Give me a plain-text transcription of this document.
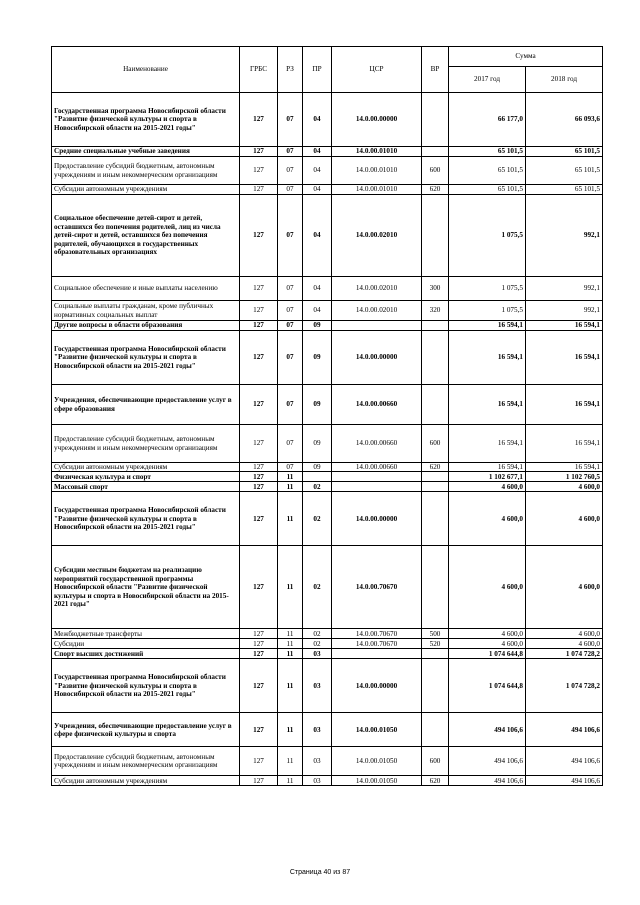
Наименование	ГРБС	РЗ	ПР	ЦСР	ВР	Сумма	
						2017 год	2018 год
Государственная программа Новосибирской области "Развитие физической культуры и спорта в Новосибирской области на 2015-2021 годы"	127	07	04	14.0.00.00000		66 177,0	66 093,6
Средние специальные учебные заведения	127	07	04	14.0.00.01010		65 101,5	65 101,5
Предоставление субсидий бюджетным, автономным учреждениям и иным некоммерческим организациям	127	07	04	14.0.00.01010	600	65 101,5	65 101,5
Субсидии автономным учреждениям	127	07	04	14.0.00.01010	620	65 101,5	65 101,5
Социальное обеспечение детей-сирот и детей, оставшихся без попечения родителей, лиц из числа детей-сирот и детей, оставшихся без попечения родителей, обучающихся в государственных образовательных организациях	127	07	04	14.0.00.02010		1 075,5	992,1
Социальное обеспечение и иные выплаты населению	127	07	04	14.0.00.02010	300	1 075,5	992,1
Социальные выплаты гражданам, кроме публичных нормативных социальных выплат	127	07	04	14.0.00.02010	320	1 075,5	992,1
Другие вопросы в области образования	127	07	09			16 594,1	16 594,1
Государственная программа Новосибирской области "Развитие физической культуры и спорта в Новосибирской области на 2015-2021 годы"	127	07	09	14.0.00.00000		16 594,1	16 594,1
Учреждения, обеспечивающие предоставление услуг в сфере образования	127	07	09	14.0.00.00660		16 594,1	16 594,1
Предоставление субсидий бюджетным, автономным учреждениям и иным некоммерческим организациям	127	07	09	14.0.00.00660	600	16 594,1	16 594,1
Субсидии автономным учреждениям	127	07	09	14.0.00.00660	620	16 594,1	16 594,1
Физическая культура и спорт	127	11				1 102 677,1	1 102 760,5
Массовый спорт	127	11	02			4 600,0	4 600,0
Государственная программа Новосибирской области "Развитие физической культуры и спорта в Новосибирской области на 2015-2021 годы"	127	11	02	14.0.00.00000		4 600,0	4 600,0
Субсидии местным бюджетам на реализацию мероприятий государственной программы Новосибирской области "Развитие физической культуры и спорта в Новосибирской области на 2015-2021 годы"	127	11	02	14.0.00.70670		4 600,0	4 600,0
Межбюджетные трансферты	127	11	02	14.0.00.70670	500	4 600,0	4 600,0
Субсидии	127	11	02	14.0.00.70670	520	4 600,0	4 600,0
Спорт высших достижений	127	11	03			1 074 644,8	1 074 728,2
Государственная программа Новосибирской области "Развитие физической культуры и спорта в Новосибирской области на 2015-2021 годы"	127	11	03	14.0.00.00000		1 074 644,8	1 074 728,2
Учреждения, обеспечивающие предоставление услуг в сфере физической культуры и спорта	127	11	03	14.0.00.01050		494 106,6	494 106,6
Предоставление субсидий бюджетным, автономным учреждениям и иным некоммерческим организациям	127	11	03	14.0.00.01050	600	494 106,6	494 106,6
Субсидии автономным учреждениям	127	11	03	14.0.00.01050	620	494 106,6	494 106,6
Страница 40 из 87
